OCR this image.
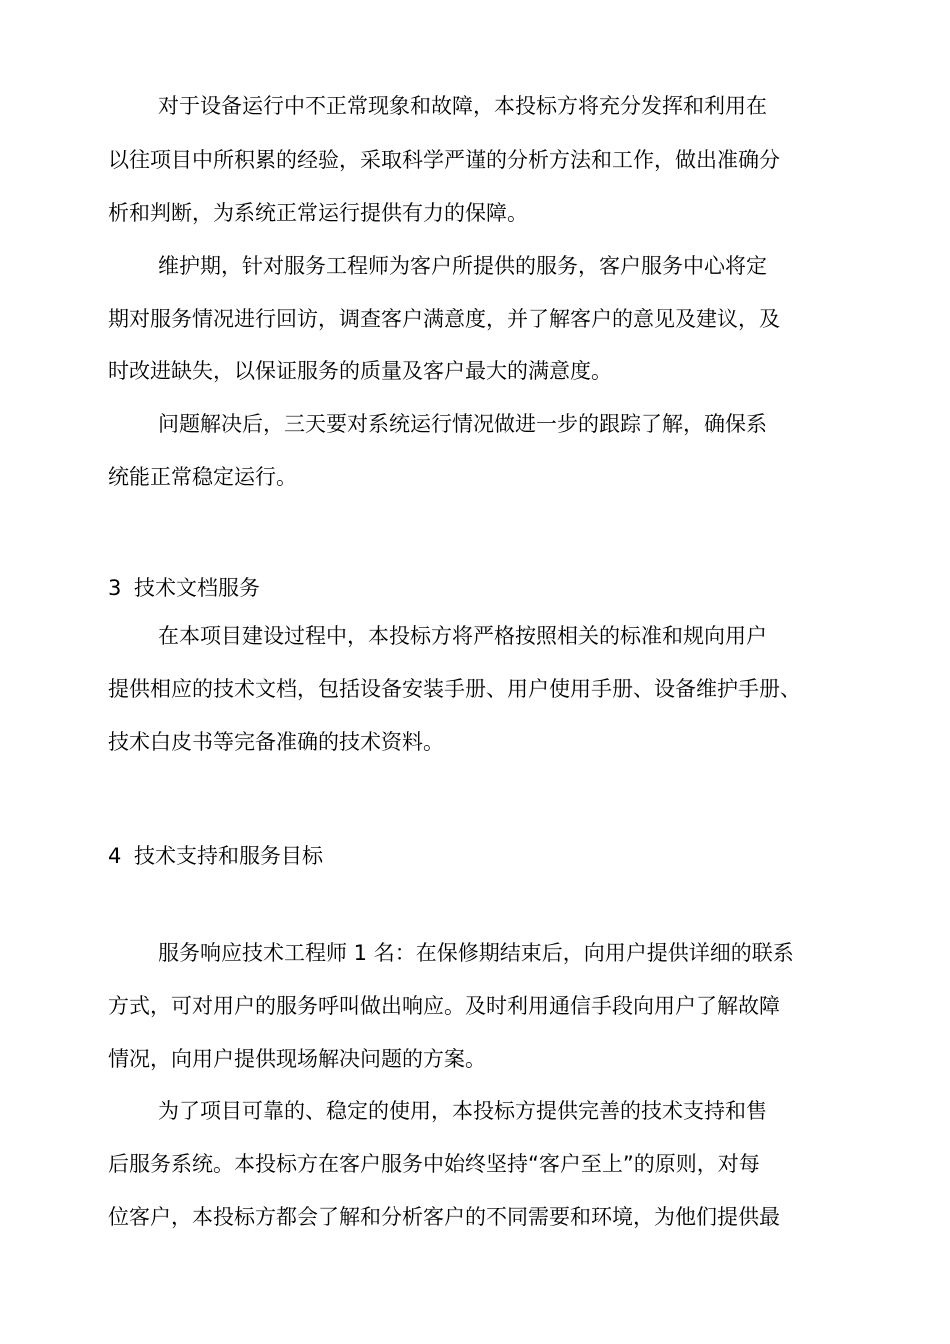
对于设备运行中不正常现象和故障，本投标方将充分发挥和利用在

以往项目中所积累的经验，采取科学严谨的分析方法和工作，做出准确分

析和判断，为系统正常运行提供有力的保障。

维护期，针对服务工程师为客户所提供的服务，客户服务中心将定

期对服务情况进行回访，调查客户满意度，并了解客户的意见及建议，及

时改进缺失，以保证服务的质量及客户最大的满意度。

问题解决后，三天要对系统运行情况做进一步的跟踪了解，确保系

统能正常稳定运行。

3 技术文档服务

在本项目建设过程中，本投标方将严格按照相关的标准和规向用户

提供相应的技术文档，包括设备安装手册、用户使用手册、设备维护手册、

技术白皮书等完备准确的技术资料。

4 技术支持和服务目标

服务响应技术工程师 1 名：在保修期结束后，向用户提供详细的联系

方式，可对用户的服务呼叫做出响应。及时利用通信手段向用户了解故障

情况，向用户提供现场解决问题的方案。

为了项目可靠的、稳定的使用，本投标方提供完善的技术支持和售

后服务系统。本投标方在客户服务中始终坚持“客户至上”的原则，对每

位客户，本投标方都会了解和分析客户的不同需要和环境，为他们提供最
